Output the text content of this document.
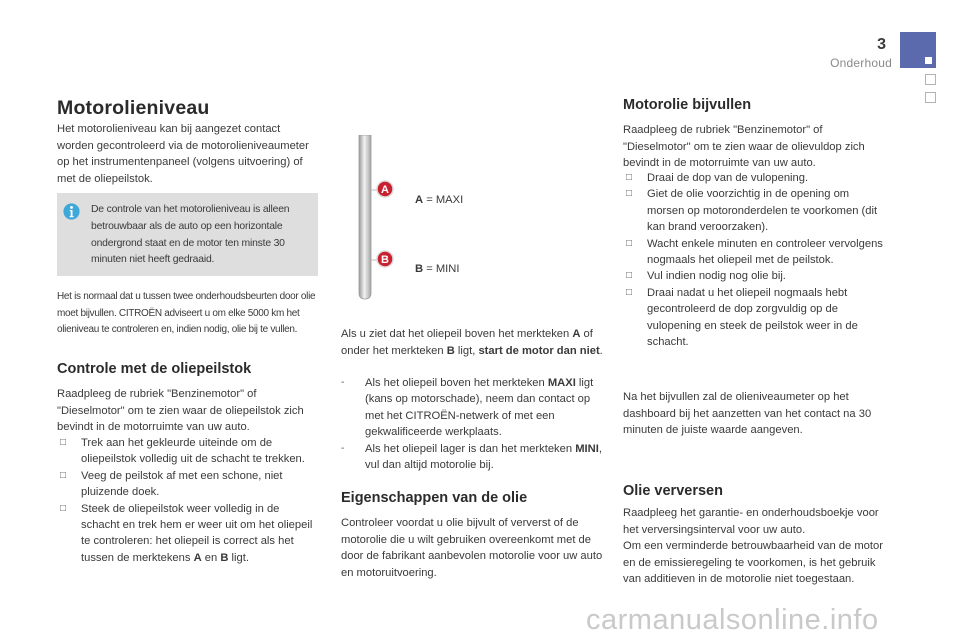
3
Onderhoud
Motorolieniveau

Het motorolieniveau kan bij aangezet contact worden gecontroleerd via de motorolieniveaumeter op het instrumentenpaneel (volgens uitvoering) of met de oliepeilstok.

De controle van het motorolieniveau is alleen betrouwbaar als de auto op een horizontale ondergrond staat en de motor ten minste 30 minuten niet heeft gedraaid.

Het is normaal dat u tussen twee onderhoudsbeurten door olie moet bijvullen. CITROËN adviseert u om elke 5000 km het olieniveau te controleren en, indien nodig, olie bij te vullen.

Controle met de oliepeilstok

Raadpleeg de rubriek "Benzinemotor" of "Dieselmotor" om te zien waar de oliepeilstok zich bevindt in de motorruimte van uw auto.

□ Trek aan het gekleurde uiteinde om de oliepeilstok volledig uit de schacht te trekken.
□ Veeg de peilstok af met een schone, niet pluizende doek.
□ Steek de oliepeilstok weer volledig in de schacht en trek hem er weer uit om het oliepeil te controleren: het oliepeil is correct als het tussen de merktekens A en B ligt.
A
B
A = MAXI
B = MINI

Als u ziet dat het oliepeil boven het merkteken A of onder het merkteken B ligt, start de motor dan niet.

- Als het oliepeil boven het merkteken MAXI ligt (kans op motorschade), neem dan contact op met het CITROËN-netwerk of met een gekwalificeerde werkplaats.
- Als het oliepeil lager is dan het merkteken MINI, vul dan altijd motorolie bij.
Eigenschappen van de olie

Controleer voordat u olie bijvult of ververst of de motorolie die u wilt gebruiken overeenkomt met de door de fabrikant aanbevolen motorolie voor uw auto en motoruitvoering.

Motorolie bijvullen

Raadpleeg de rubriek "Benzinemotor" of "Dieselmotor" om te zien waar de olievuldop zich bevindt in de motorruimte van uw auto.

□ Draai de dop van de vulopening.
□ Giet de olie voorzichtig in de opening om morsen op motoronderdelen te voorkomen (dit kan brand veroorzaken).
□ Wacht enkele minuten en controleer vervolgens nogmaals het oliepeil met de peilstok.
□ Vul indien nodig nog olie bij.
□ Draai nadat u het oliepeil nogmaals hebt gecontroleerd de dop zorgvuldig op de vulopening en steek de peilstok weer in de schacht.

Na het bijvullen zal de olieniveaumeter op het dashboard bij het aanzetten van het contact na 30 minuten de juiste waarde aangeven.

Olie verversen

Raadpleeg het garantie- en onderhoudsboekje voor het verversingsinterval voor uw auto.

Om een verminderde betrouwbaarheid van de motor en de emissieregeling te voorkomen, is het gebruik van additieven in de motorolie niet toegestaan.

carmanualsonline.info
